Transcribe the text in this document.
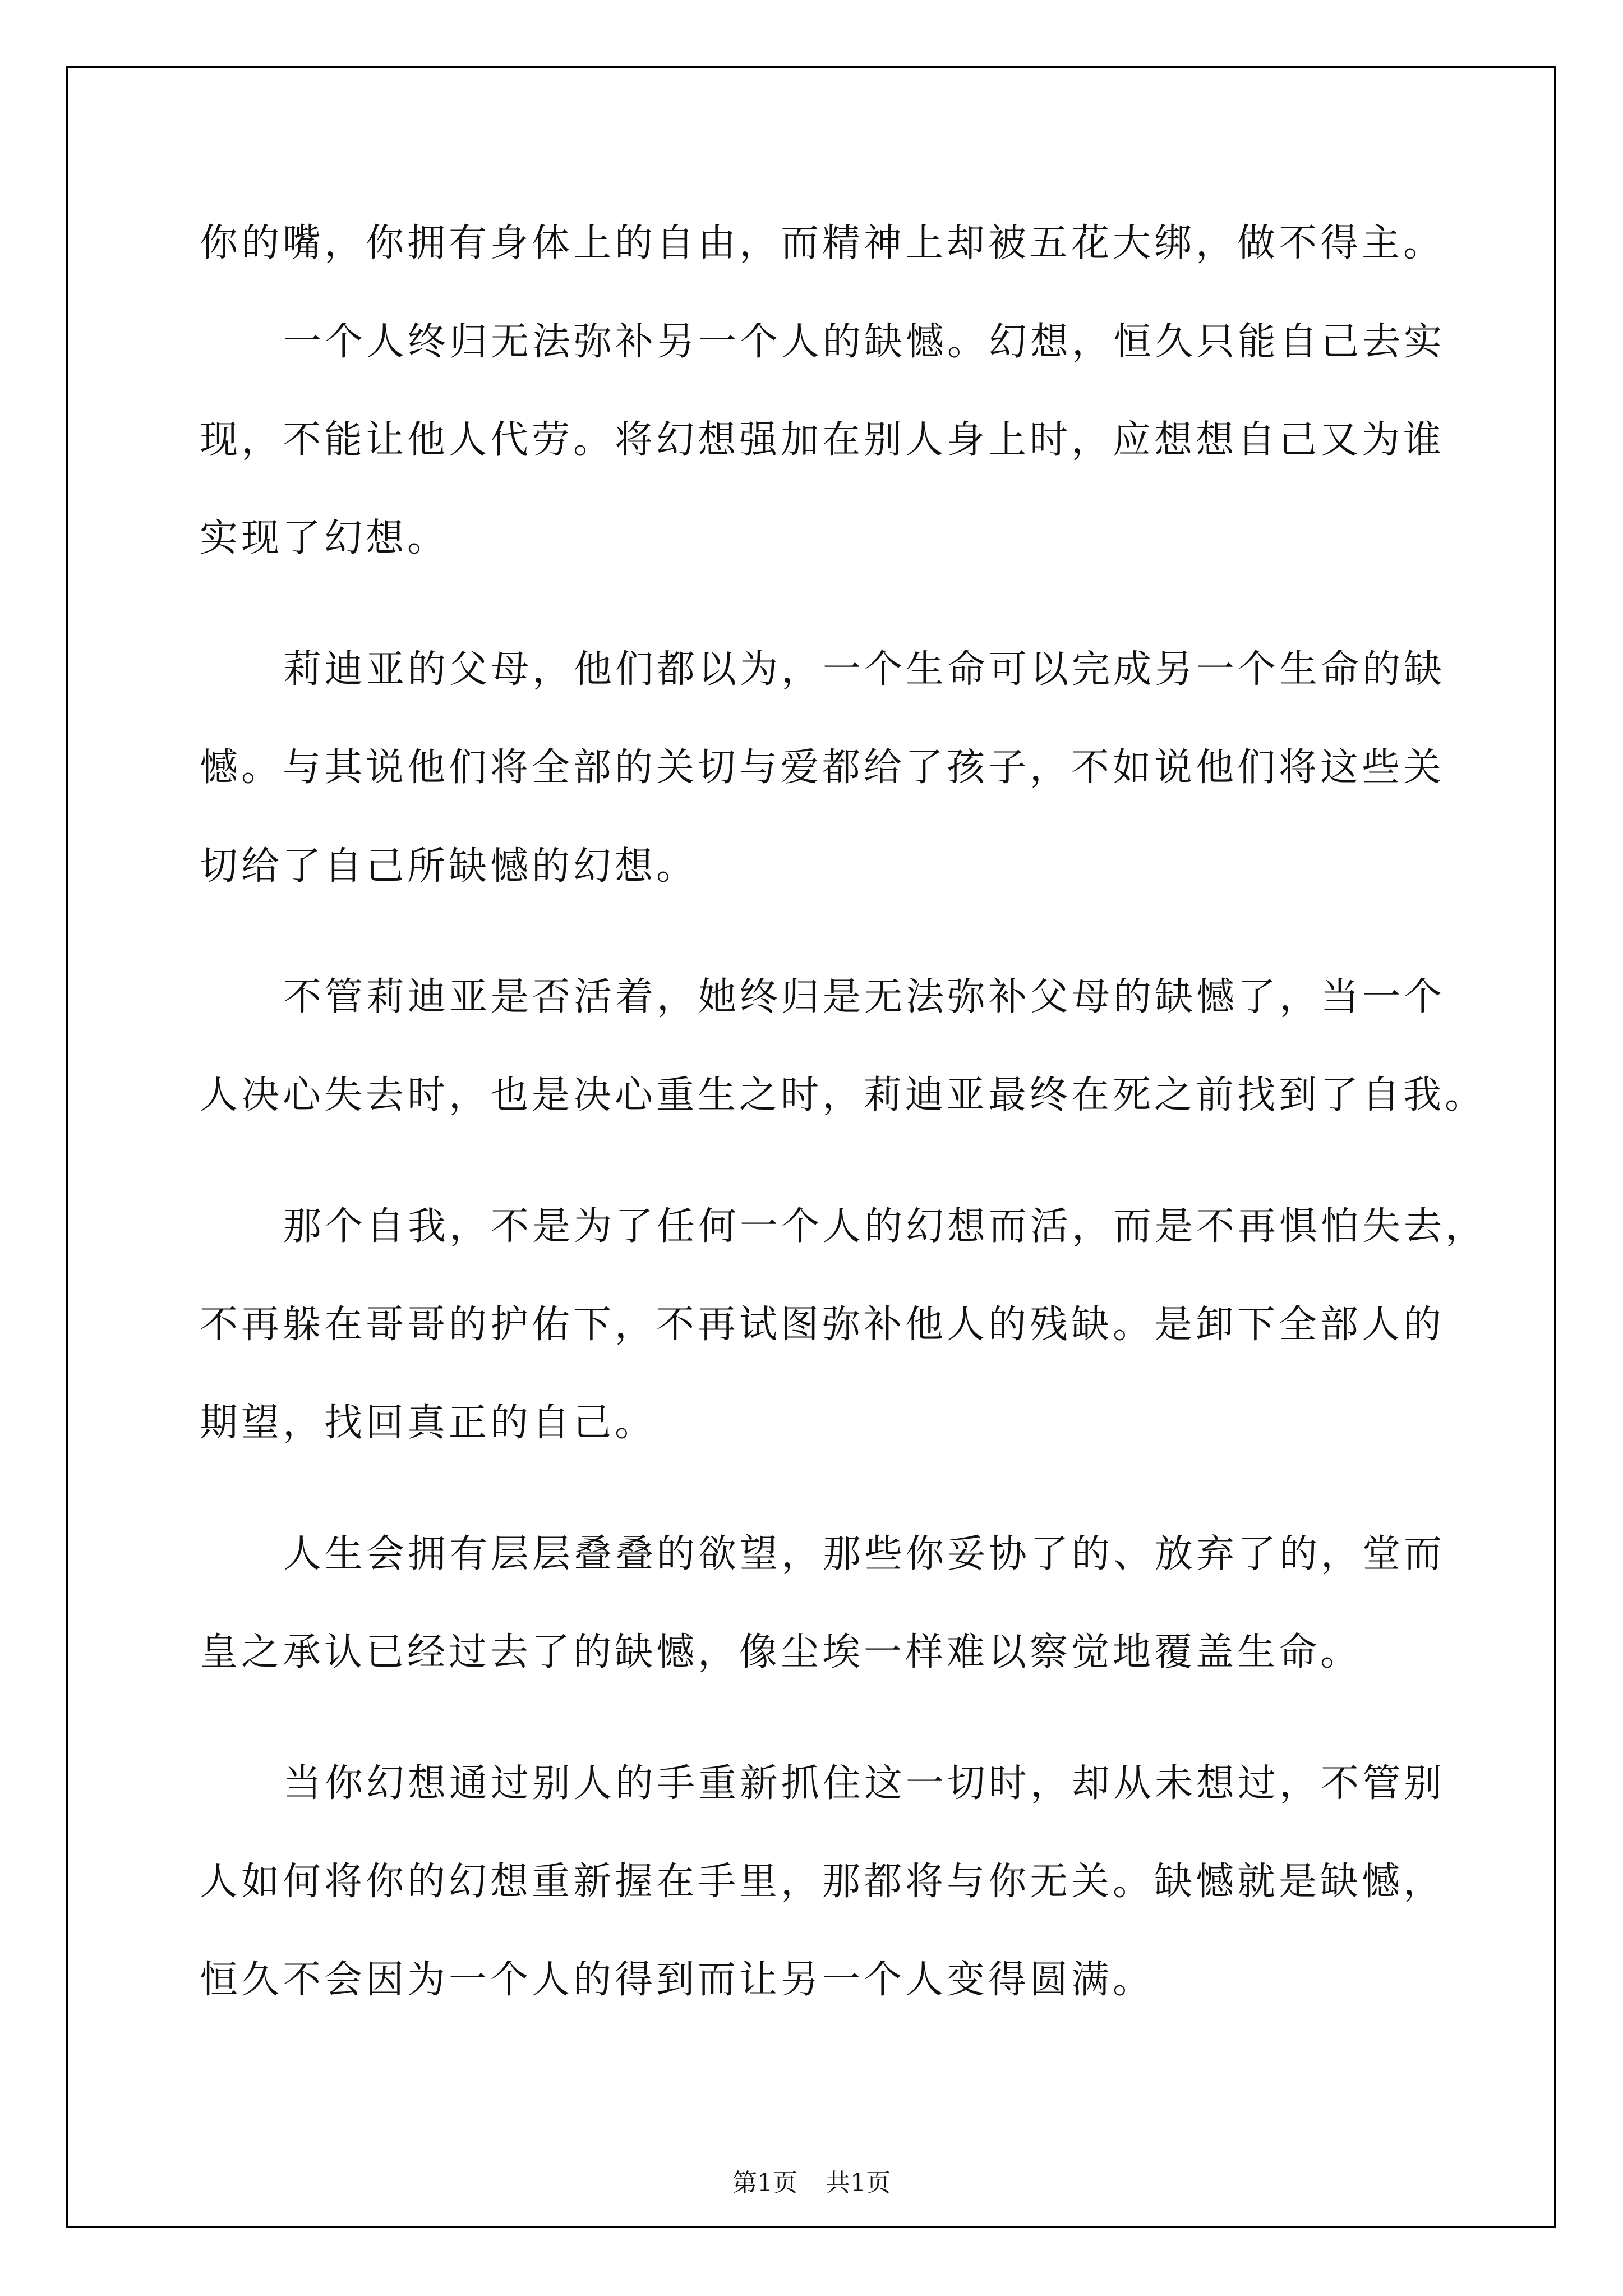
你的嘴，你拥有身体上的自由，而精神上却被五花大绑，做不得主。

一个人终归无法弥补另一个人的缺憾。幻想，恒久只能自己去实

现，不能让他人代劳。将幻想强加在别人身上时，应想想自己又为谁

实现了幻想。

莉迪亚的父母，他们都以为，一个生命可以完成另一个生命的缺

憾。与其说他们将全部的关切与爱都给了孩子，不如说他们将这些关

切给了自己所缺憾的幻想。

不管莉迪亚是否活着，她终归是无法弥补父母的缺憾了，当一个

人决心失去时，也是决心重生之时，莉迪亚最终在死之前找到了自我。

那个自我，不是为了任何一个人的幻想而活，而是不再惧怕失去，

不再躲在哥哥的护佑下，不再试图弥补他人的残缺。是卸下全部人的

期望，找回真正的自己。

人生会拥有层层叠叠的欲望，那些你妥协了的、放弃了的，堂而

皇之承认已经过去了的缺憾，像尘埃一样难以察觉地覆盖生命。

当你幻想通过别人的手重新抓住这一切时，却从未想过，不管别

人如何将你的幻想重新握在手里，那都将与你无关。缺憾就是缺憾，

恒久不会因为一个人的得到而让另一个人变得圆满。

第1页 共1页
